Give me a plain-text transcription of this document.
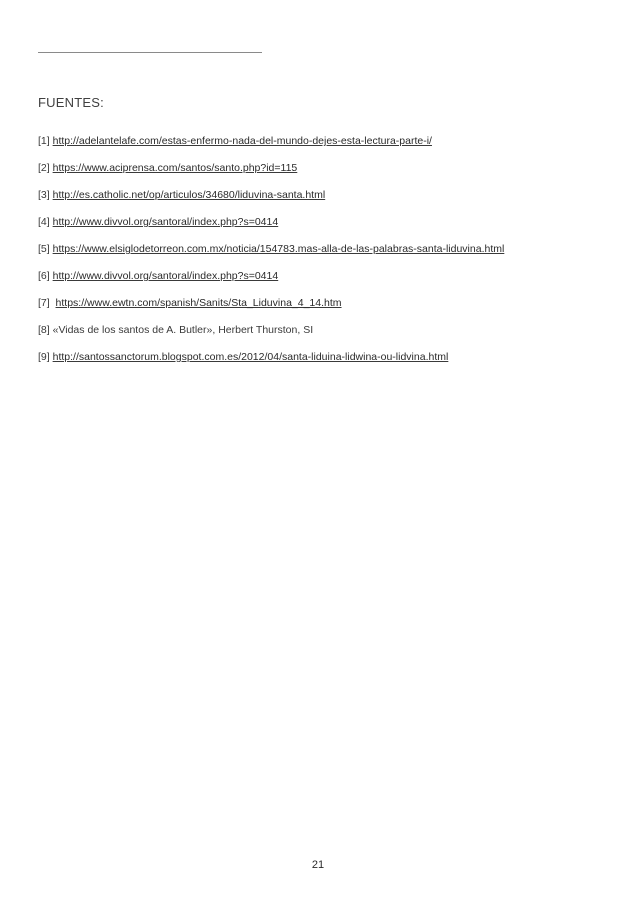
FUENTES:
[1] http://adelantelafe.com/estas-enfermo-nada-del-mundo-dejes-esta-lectura-parte-i/
[2] https://www.aciprensa.com/santos/santo.php?id=115
[3] http://es.catholic.net/op/articulos/34680/liduvina-santa.html
[4] http://www.divvol.org/santoral/index.php?s=0414
[5] https://www.elsiglodetorreon.com.mx/noticia/154783.mas-alla-de-las-palabras-santa-liduvina.html
[6] http://www.divvol.org/santoral/index.php?s=0414
[7] https://www.ewtn.com/spanish/Sanits/Sta_Liduvina_4_14.htm
[8] «Vidas de los santos de A. Butler», Herbert Thurston, SI
[9] http://santossanctorum.blogspot.com.es/2012/04/santa-liduina-lidwina-ou-lidvina.html
21
